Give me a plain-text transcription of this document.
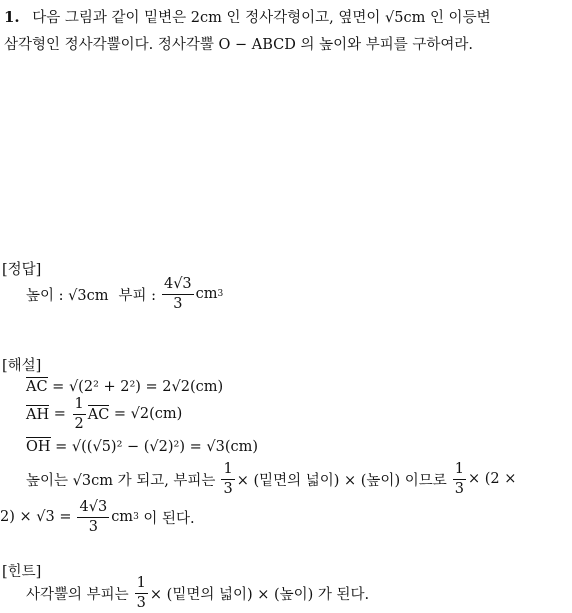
1. 다음 그림과 같이 밑변은 2cm 인 정사각형이고, 옆면이 √5cm 인 이등변
삼각형인 정사각뿔이다. 정사각뿔 O − ABCD 의 높이와 부피를 구하여라.
[정답]
높이 : √3cm 부피 : $\frac{4√3}{3}$ cm 3
[해설]
AC = √(2² + 2²) = 2√2(cm)
AH = $\frac{1}{2}$ AC = √2(cm)
OH = √((√5)² − (√2)²) = √3(cm)
높이는 √3cm 가 되고, 부피는 $\frac{1}{3}$ × (밑면의 넓이) × (높이) 이므로 $\frac{1}{3} \times (2$ ×
$2) \times √3 = \frac{4√3}{3}$ cm 3 이 된다.
[힌트]
사각뿔의 부피는 $\frac{1}{3}$ × (밑면의 넓이) × (높이) 가 된다.
